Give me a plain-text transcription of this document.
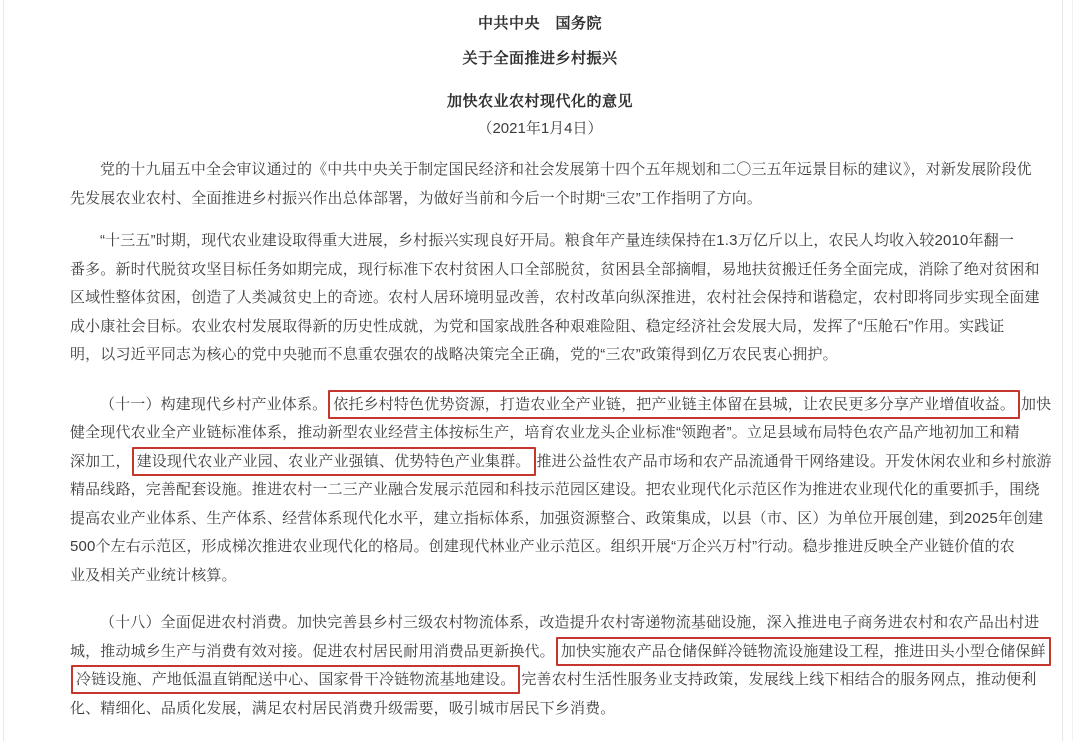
中共中央　国务院
关于全面推进乡村振兴
加快农业农村现代化的意见
（2021年1月4日）
党的十九届五中全会审议通过的《中共中央关于制定国民经济和社会发展第十四个五年规划和二〇三五年远景目标的建议》，对新发展阶段优
先发展农业农村、全面推进乡村振兴作出总体部署，为做好当前和今后一个时期“三农”工作指明了方向。
“十三五”时期，现代农业建设取得重大进展，乡村振兴实现良好开局。粮食年产量连续保持在1.3万亿斤以上，农民人均收入较2010年翻一
番多。新时代脱贫攻坚目标任务如期完成，现行标准下农村贫困人口全部脱贫，贫困县全部摘帽，易地扶贫搬迁任务全面完成，消除了绝对贫困和
区域性整体贫困，创造了人类减贫史上的奇迹。农村人居环境明显改善，农村改革向纵深推进，农村社会保持和谐稳定，农村即将同步实现全面建
成小康社会目标。农业农村发展取得新的历史性成就，为党和国家战胜各种艰难险阻、稳定经济社会发展大局，发挥了“压舱石”作用。实践证
明，以习近平同志为核心的党中央驰而不息重农强农的战略决策完全正确，党的“三农”政策得到亿万农民衷心拥护。
（十一）构建现代乡村产业体系。 依托乡村特色优势资源，打造农业全产业链，把产业链主体留在县城，让农民更多分享产业增值收益。 加快
健全现代农业全产业链标准体系，推动新型农业经营主体按标生产，培育农业龙头企业标准“领跑者”。立足县域布局特色农产品产地初加工和精
深加工， 建设现代农业产业园、农业产业强镇、优势特色产业集群。 推进公益性农产品市场和农产品流通骨干网络建设。开发休闲农业和乡村旅游
精品线路，完善配套设施。推进农村一二三产业融合发展示范园和科技示范园区建设。把农业现代化示范区作为推进农业现代化的重要抓手，围绕
提高农业产业体系、生产体系、经营体系现代化水平，建立指标体系，加强资源整合、政策集成，以县（市、区）为单位开展创建，到2025年创建
500个左右示范区，形成梯次推进农业现代化的格局。创建现代林业产业示范区。组织开展“万企兴万村”行动。稳步推进反映全产业链价值的农
业及相关产业统计核算。
（十八）全面促进农村消费。加快完善县乡村三级农村物流体系，改造提升农村寄递物流基础设施，深入推进电子商务进农村和农产品出村进
城，推动城乡生产与消费有效对接。促进农村居民耐用消费品更新换代。 加快实施农产品仓储保鲜冷链物流设施建设工程，推进田头小型仓储保鲜
冷链设施、产地低温直销配送中心、国家骨干冷链物流基地建设。 完善农村生活性服务业支持政策，发展线上线下相结合的服务网点，推动便利
化、精细化、品质化发展，满足农村居民消费升级需要，吸引城市居民下乡消费。
